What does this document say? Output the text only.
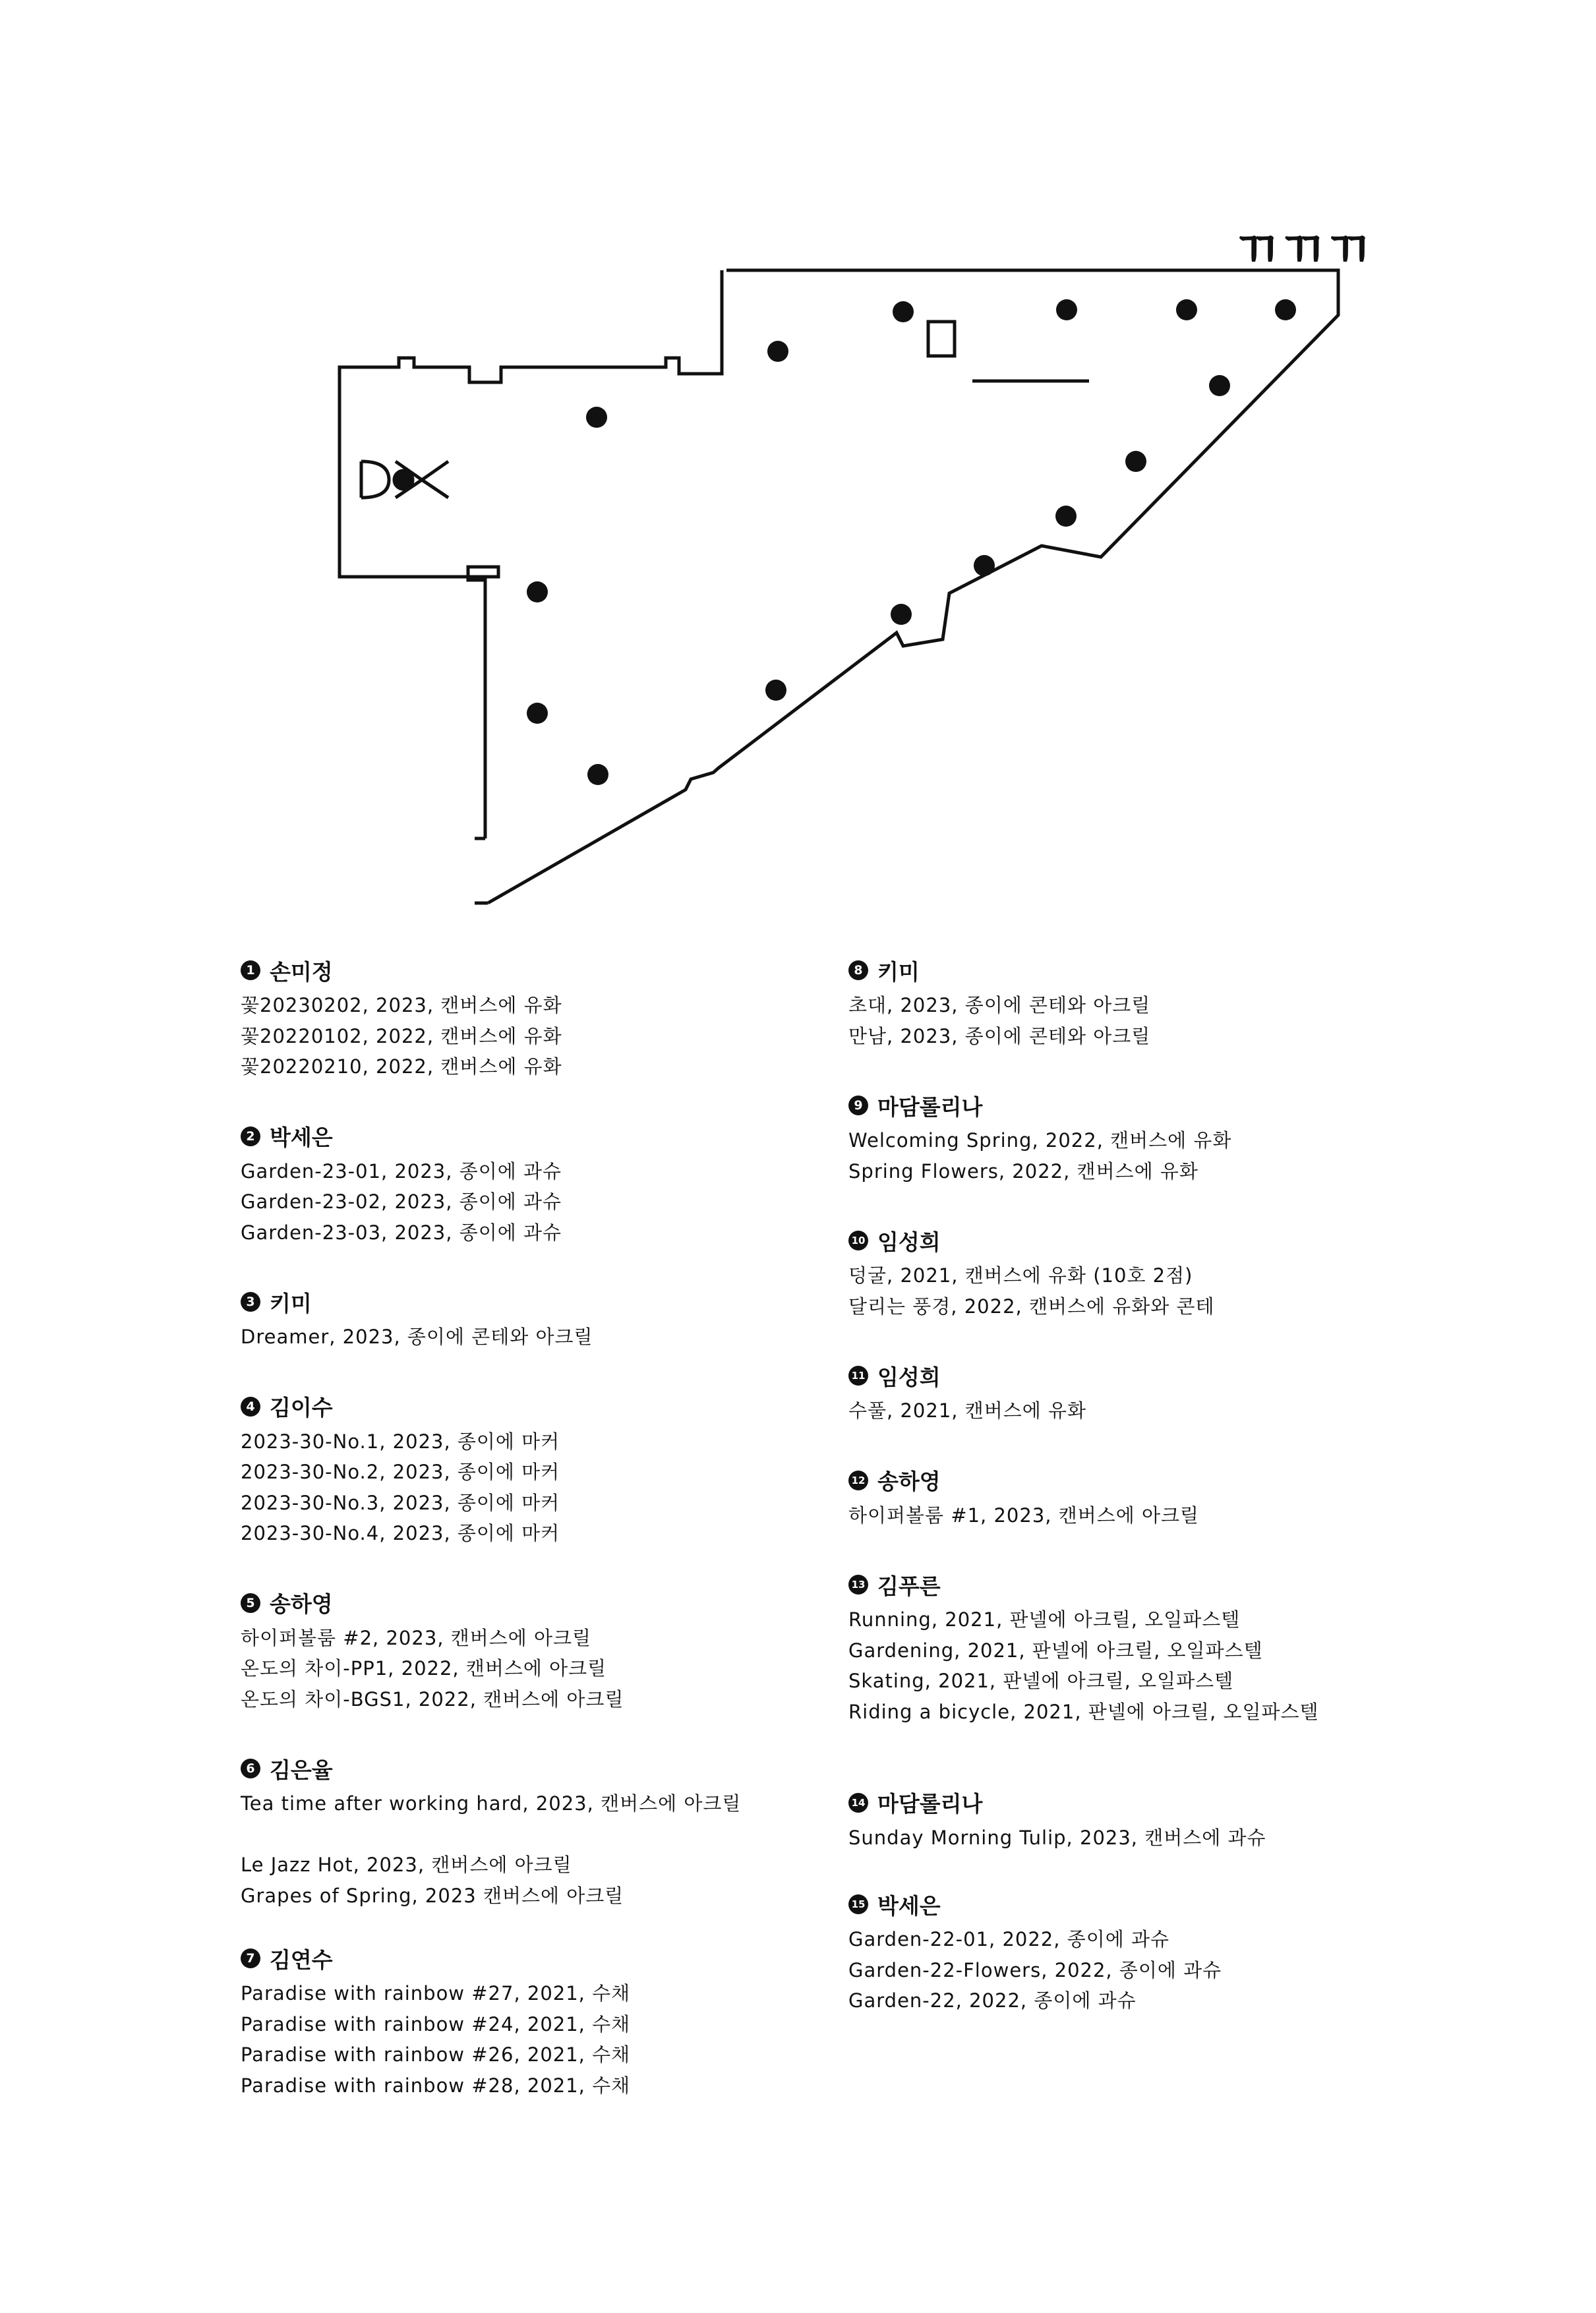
ㄲㄲㄲ
1 손미정
꽃20230202, 2023, 캔버스에 유화
꽃20220102, 2022, 캔버스에 유화
꽃20220210, 2022, 캔버스에 유화
2 박세은
Garden-23-01, 2023, 종이에 과슈
Garden-23-02, 2023, 종이에 과슈
Garden-23-03, 2023, 종이에 과슈
3 키미
Dreamer, 2023, 종이에 콘테와 아크릴
4 김이수
2023-30-No.1, 2023, 종이에 마커
2023-30-No.2, 2023, 종이에 마커
2023-30-No.3, 2023, 종이에 마커
2023-30-No.4, 2023, 종이에 마커
5 송하영
하이퍼볼룸 #2, 2023, 캔버스에 아크릴
온도의 차이-PP1, 2022, 캔버스에 아크릴
온도의 차이-BGS1, 2022, 캔버스에 아크릴
6 김은율
Tea time after working hard, 2023, 캔버스에 아크릴
Le Jazz Hot, 2023, 캔버스에 아크릴
Grapes of Spring, 2023 캔버스에 아크릴
7 김연수
Paradise with rainbow #27, 2021, 수채
Paradise with rainbow #24, 2021, 수채
Paradise with rainbow #26, 2021, 수채
Paradise with rainbow #28, 2021, 수채
8 키미
초대, 2023, 종이에 콘테와 아크릴
만남, 2023, 종이에 콘테와 아크릴
9 마담롤리나
Welcoming Spring, 2022, 캔버스에 유화
Spring Flowers, 2022, 캔버스에 유화
10 임성희
덩굴, 2021, 캔버스에 유화 (10호 2점)
달리는 풍경, 2022, 캔버스에 유화와 콘테
11 임성희
수풀, 2021, 캔버스에 유화
12 송하영
하이퍼볼룸 #1, 2023, 캔버스에 아크릴
13 김푸른
Running, 2021, 판넬에 아크릴, 오일파스텔
Gardening, 2021, 판넬에 아크릴, 오일파스텔
Skating, 2021, 판넬에 아크릴, 오일파스텔
Riding a bicycle, 2021, 판넬에 아크릴, 오일파스텔
14 마담롤리나
Sunday Morning Tulip, 2023, 캔버스에 과슈
15 박세은
Garden-22-01, 2022, 종이에 과슈
Garden-22-Flowers, 2022, 종이에 과슈
Garden-22, 2022, 종이에 과슈
